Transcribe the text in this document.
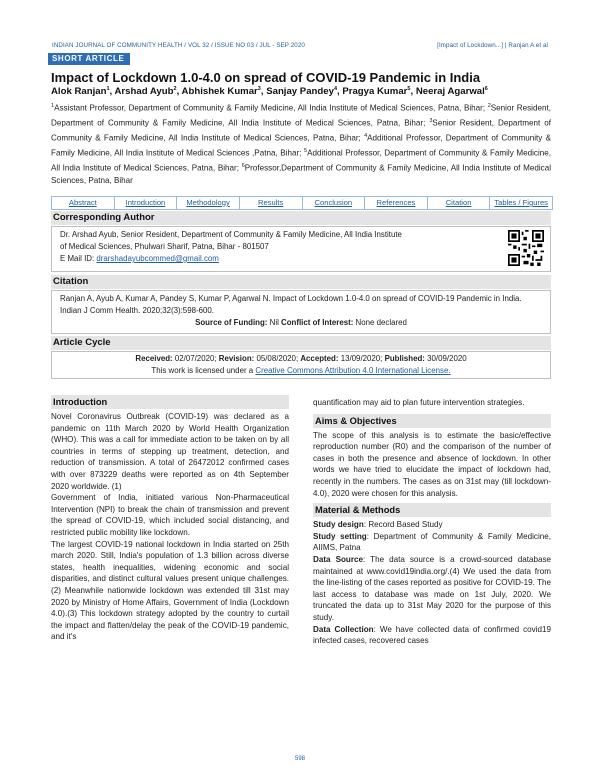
INDIAN JOURNAL OF COMMUNITY HEALTH / VOL 32 / ISSUE NO 03 / JUL - SEP 2020	[Impact of Lockdown...] | Ranjan A et al
SHORT ARTICLE
Impact of Lockdown 1.0-4.0 on spread of COVID-19 Pandemic in India
Alok Ranjan$^1$, Arshad Ayub$^2$, Abhishek Kumar$^3$, Sanjay Pandey$^4$, Pragya Kumar$^5$, Neeraj Agarwal$^6$
$^1$Assistant Professor, Department of Community & Family Medicine, All India Institute of Medical Sciences, Patna, Bihar; $^2$Senior Resident, Department of Community & Family Medicine, All India Institute of Medical Sciences, Patna, Bihar; $^3$Senior Resident, Department of Community & Family Medicine, All India Institute of Medical Sciences, Patna, Bihar; $^4$Additional Professor, Department of Community & Family Medicine, All India Institute of Medical Sciences ,Patna, Bihar; $^5$Additional Professor, Department of Community & Family Medicine, All India Institute of Medical Sciences, Patna, Bihar; $^6$Professor,Department of Community & Family Medicine, All India Institute of Medical Sciences, Patna, Bihar
Abstract	Introduction	Methodology	Results	Conclusion	References	Citation	Tables / Figures
Corresponding Author
Dr. Arshad Ayub, Senior Resident, Department of Community & Family Medicine, All India Institute
of Medical Sciences, Phulwari Sharif, Patna, Bihar - 801507
E Mail ID: drarshadayubcommed@gmail.com
Citation
Ranjan A, Ayub A, Kumar A, Pandey S, Kumar P, Agarwal N. Impact of Lockdown 1.0-4.0 on spread of COVID-19 Pandemic in India. Indian J Comm Health. 2020;32(3):598-600.
Source of Funding: Nil Conflict of Interest: None declared
Article Cycle
Received: 02/07/2020; Revision: 05/08/2020; Accepted: 13/09/2020; Published: 30/09/2020
This work is licensed under a Creative Commons Attribution 4.0 International License.
Introduction

Novel Coronavirus Outbreak (COVID-19) was declared as a pandemic on 11th March 2020 by World Health Organization (WHO). This was a call for immediate action to be taken on by all countries in terms of stepping up treatment, detection, and reduction of transmission. A total of 26472012 confirmed cases with over 873229 deaths were reported as on 4th September 2020 worldwide. (1)

Government of India, initiated various Non-Pharmaceutical Intervention (NPI) to break the chain of transmission and prevent the spread of COVID-19, which included social distancing, and restricted public mobility like lockdown.

The largest COVID-19 national lockdown in India started on 25th march 2020. Still, India's population of 1.3 billion across diverse states, health inequalities, widening economic and social disparities, and distinct cultural values present unique challenges.(2) Meanwhile nationwide lockdown was extended till 31st may 2020 by Ministry of Home Affairs, Government of India (Lockdown 4.0).(3) This lockdown strategy adopted by the country to curtail the impact and flatten/delay the peak of the COVID-19 pandemic, and it's

quantification may aid to plan future intervention strategies.

Aims & Objectives

The scope of this analysis is to estimate the basic/effective reproduction number (R0) and the comparison of the number of cases in both the presence and absence of lockdown. In other words we have tried to elucidate the impact of lockdown had, recently in the numbers. The cases as on 31st may (till lockdown-4.0), 2020 were chosen for this analysis.

Material & Methods

Study design: Record Based Study

Study setting: Department of Community & Family Medicine, AIIMS, Patna

Data Source: The data source is a crowd-sourced database maintained at www.covid19india.org/.(4) We used the data from the line-listing of the cases reported as positive for COVID-19. The last access to database was made on 1st July, 2020. We truncated the data up to 31st May 2020 for the purpose of this study.

Data Collection: We have collected data of confirmed covid19 infected cases, recovered cases

598
